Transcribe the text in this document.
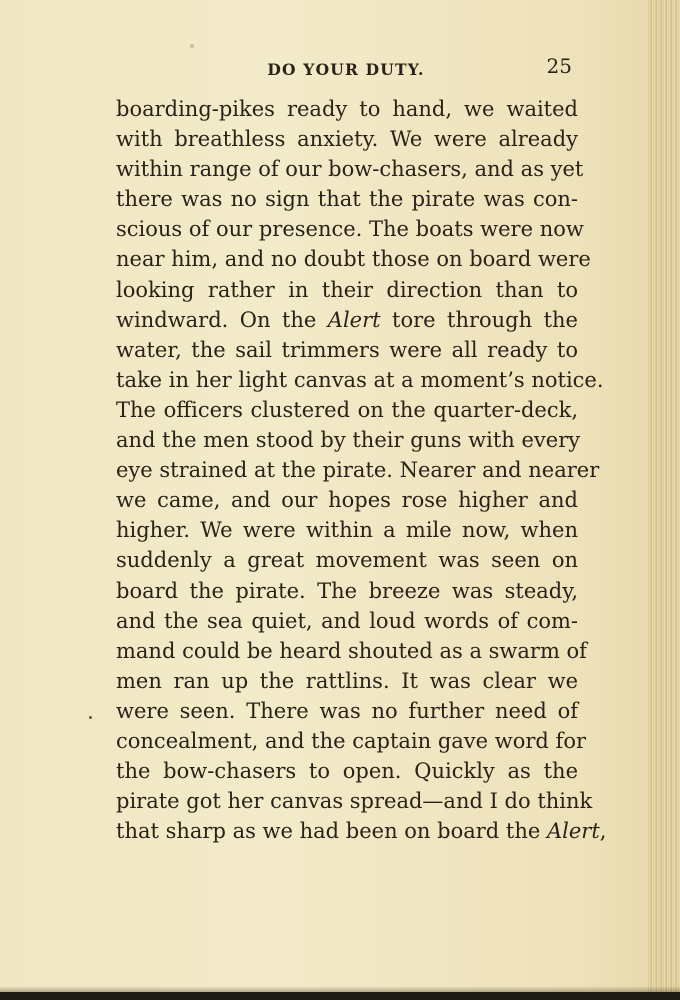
DO YOUR DUTY.	25
boarding-pikes ready to hand, we waited
with breathless anxiety. We were already
within range of our bow-chasers, and as yet
there was no sign that the pirate was con-
scious of our presence. The boats were now
near him, and no doubt those on board were
looking rather in their direction than to
windward. On the Alert tore through the
water, the sail trimmers were all ready to
take in her light canvas at a moment’s notice.
The officers clustered on the quarter-deck,
and the men stood by their guns with every
eye strained at the pirate. Nearer and nearer
we came, and our hopes rose higher and
higher. We were within a mile now, when
suddenly a great movement was seen on
board the pirate. The breeze was steady,
and the sea quiet, and loud words of com-
mand could be heard shouted as a swarm of
men ran up the rattlins. It was clear we
were seen. There was no further need of
concealment, and the captain gave word for
the bow-chasers to open. Quickly as the
pirate got her canvas spread—and I do think
that sharp as we had been on board the Alert,
